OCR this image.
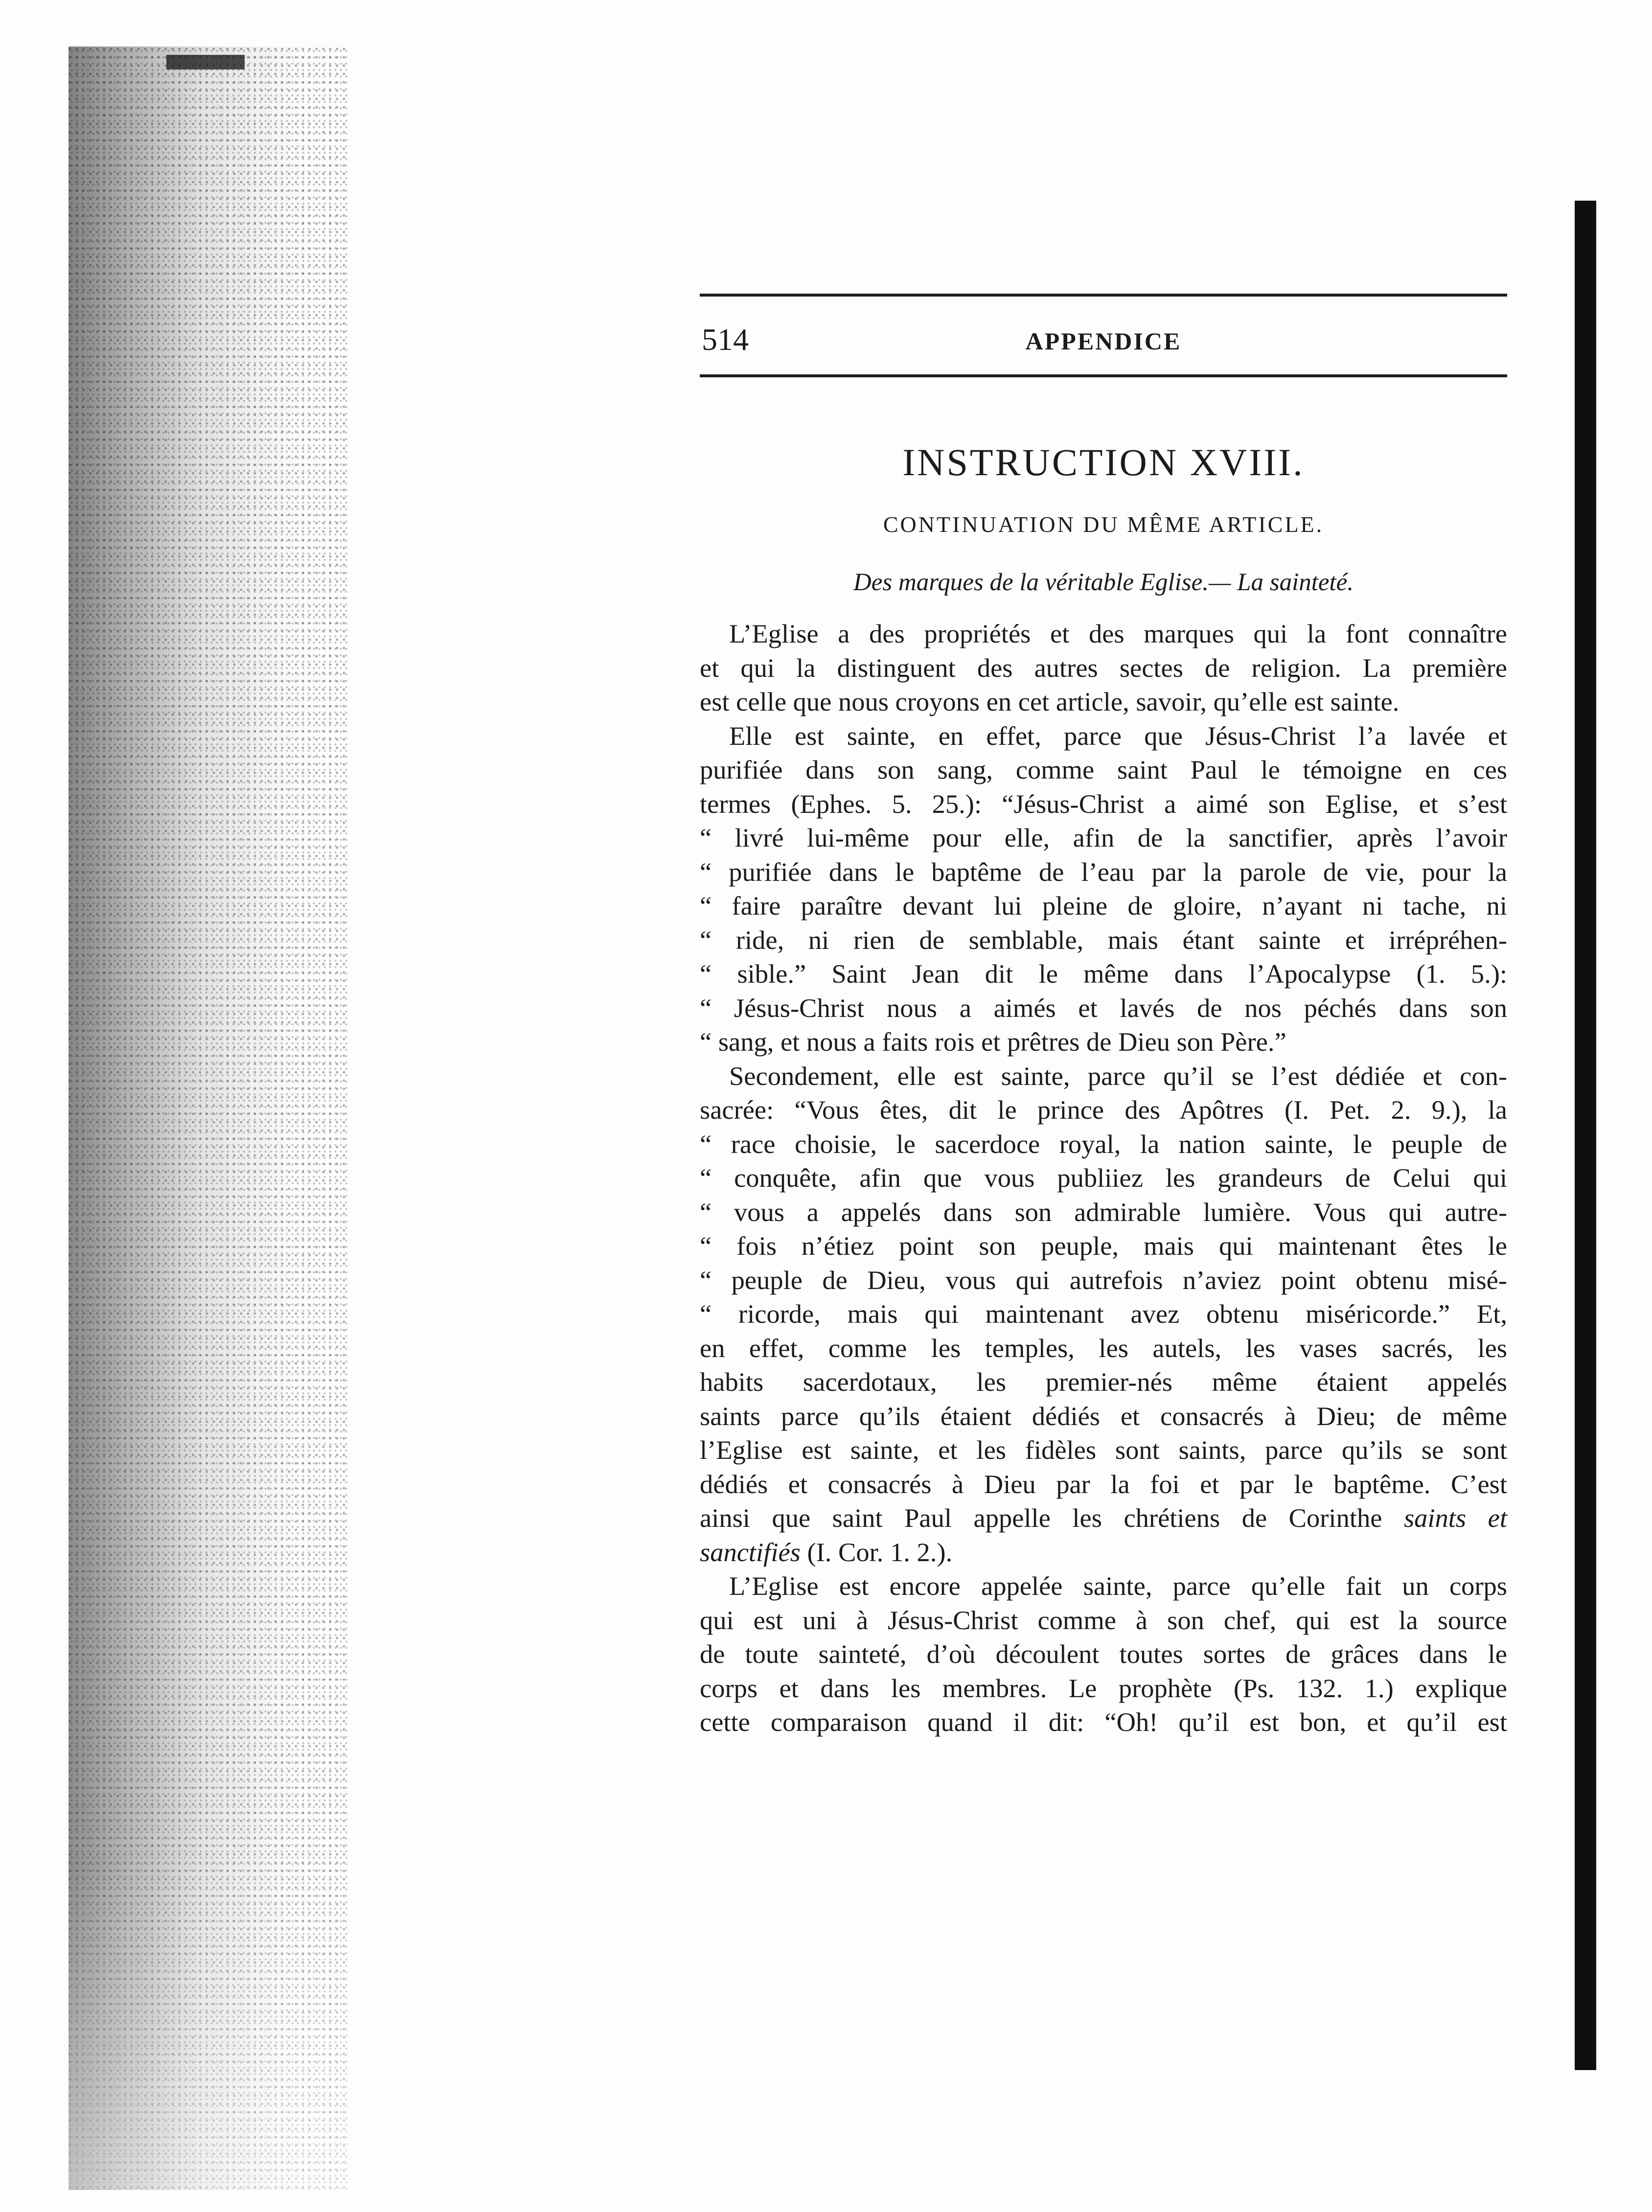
514	APPENDICE
INSTRUCTION XVIII.
CONTINUATION DU MÊME ARTICLE.
Des marques de la véritable Eglise.— La sainteté.
L’Eglise a des propriétés et des marques qui la font connaître
et qui la distinguent des autres sectes de religion. La première
est celle que nous croyons en cet article, savoir, qu’elle est sainte.
Elle est sainte, en effet, parce que Jésus-Christ l’a lavée et
purifiée dans son sang, comme saint Paul le témoigne en ces
termes (Ephes. 5. 25.): “Jésus-Christ a aimé son Eglise, et s’est
“ livré lui-même pour elle, afin de la sanctifier, après l’avoir
“ purifiée dans le baptême de l’eau par la parole de vie, pour la
“ faire paraître devant lui pleine de gloire, n’ayant ni tache, ni
“ ride, ni rien de semblable, mais étant sainte et irrépréhen-
“ sible.” Saint Jean dit le même dans l’Apocalypse (1. 5.):
“ Jésus-Christ nous a aimés et lavés de nos péchés dans son
“ sang, et nous a faits rois et prêtres de Dieu son Père.”
Secondement, elle est sainte, parce qu’il se l’est dédiée et con-
sacrée: “Vous êtes, dit le prince des Apôtres (I. Pet. 2. 9.), la
“ race choisie, le sacerdoce royal, la nation sainte, le peuple de
“ conquête, afin que vous publiiez les grandeurs de Celui qui
“ vous a appelés dans son admirable lumière. Vous qui autre-
“ fois n’étiez point son peuple, mais qui maintenant êtes le
“ peuple de Dieu, vous qui autrefois n’aviez point obtenu misé-
“ ricorde, mais qui maintenant avez obtenu miséricorde.” Et,
en effet, comme les temples, les autels, les vases sacrés, les
habits sacerdotaux, les premier-nés même étaient appelés
saints parce qu’ils étaient dédiés et consacrés à Dieu; de même
l’Eglise est sainte, et les fidèles sont saints, parce qu’ils se sont
dédiés et consacrés à Dieu par la foi et par le baptême. C’est
ainsi que saint Paul appelle les chrétiens de Corinthe saints et
sanctifiés (I. Cor. 1. 2.).
L’Eglise est encore appelée sainte, parce qu’elle fait un corps
qui est uni à Jésus-Christ comme à son chef, qui est la source
de toute sainteté, d’où découlent toutes sortes de grâces dans le
corps et dans les membres. Le prophète (Ps. 132. 1.) explique
cette comparaison quand il dit: “Oh! qu’il est bon, et qu’il est
